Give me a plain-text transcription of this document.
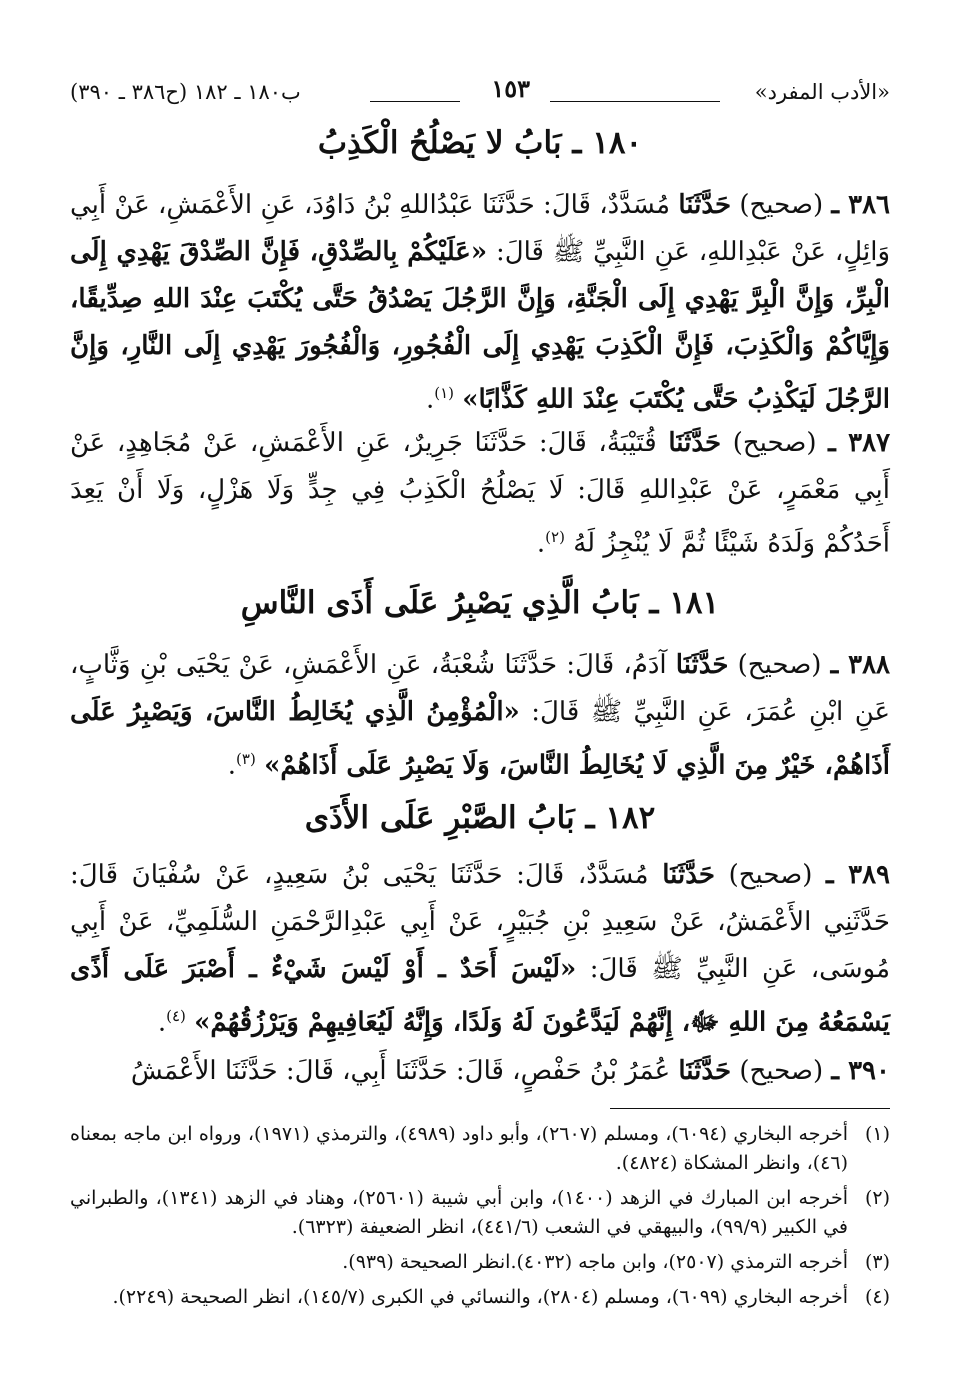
«الأدب المفرد»
١٥٣
ب١٨٠ ـ ١٨٢ (ح٣٨٦ ـ ٣٩٠)
١٨٠ ـ بَابُ لا يَصْلُحُ الْكَذِبُ
٣٨٦ ـ (صحيح) حَدَّثَنَا مُسَدَّدٌ، قَالَ: حَدَّثَنَا عَبْدُاللهِ بْنُ دَاوُدَ، عَنِ الأَعْمَشِ، عَنْ أَبِي وَائِلٍ، عَنْ عَبْدِاللهِ، عَنِ النَّبِيِّ ﷺ قَالَ: «عَلَيْكُمْ بِالصِّدْقِ، فَإِنَّ الصِّدْقَ يَهْدِي إِلَى الْبِرِّ، وَإِنَّ الْبِرَّ يَهْدِي إِلَى الْجَنَّةِ، وَإِنَّ الرَّجُلَ يَصْدُقُ حَتَّى يُكْتَبَ عِنْدَ اللهِ صِدِّيقًا، وَإِيَّاكُمْ وَالْكَذِبَ، فَإِنَّ الْكَذِبَ يَهْدِي إِلَى الْفُجُورِ، وَالْفُجُورَ يَهْدِي إِلَى النَّارِ، وَإِنَّ الرَّجُلَ لَيَكْذِبُ حَتَّى يُكْتَبَ عِنْدَ اللهِ كَذَّابًا» $^{(١)}$.
٣٨٧ ـ (صحيح) حَدَّثَنَا قُتَيْبَةُ، قَالَ: حَدَّثَنَا جَرِيرٌ، عَنِ الأَعْمَشِ، عَنْ مُجَاهِدٍ، عَنْ أَبِي مَعْمَرٍ، عَنْ عَبْدِاللهِ قَالَ: لَا يَصْلُحُ الْكَذِبُ فِي جِدٍّ وَلَا هَزْلٍ، وَلَا أَنْ يَعِدَ أَحَدُكُمْ وَلَدَهُ شَيْئًا ثُمَّ لَا يُنْجِزُ لَهُ $^{(٢)}$.
١٨١ ـ بَابُ الَّذِي يَصْبِرُ عَلَى أَذَى النَّاسِ
٣٨٨ ـ (صحيح) حَدَّثَنَا آدَمُ، قَالَ: حَدَّثَنَا شُعْبَةُ، عَنِ الأَعْمَشِ، عَنْ يَحْيَى بْنِ وَثَّابٍ، عَنِ ابْنِ عُمَرَ، عَنِ النَّبِيِّ ﷺ قَالَ: «الْمُؤْمِنُ الَّذِي يُخَالِطُ النَّاسَ، وَيَصْبِرُ عَلَى أَذَاهُمْ، خَيْرٌ مِنَ الَّذِي لَا يُخَالِطُ النَّاسَ، وَلَا يَصْبِرُ عَلَى أَذَاهُمْ» $^{(٣)}$.
١٨٢ ـ بَابُ الصَّبْرِ عَلَى الأَذَى
٣٨٩ ـ (صحيح) حَدَّثَنَا مُسَدَّدٌ، قَالَ: حَدَّثَنَا يَحْيَى بْنُ سَعِيدٍ، عَنْ سُفْيَانَ قَالَ: حَدَّثَنِي الأَعْمَشُ، عَنْ سَعِيدِ بْنِ جُبَيْرٍ، عَنْ أَبِي عَبْدِالرَّحْمَنِ السُّلَمِيِّ، عَنْ أَبِي مُوسَى، عَنِ النَّبِيِّ ﷺ قَالَ: «لَيْسَ أَحَدٌ ـ أَوْ لَيْسَ شَيْءٌ ـ أَصْبَرَ عَلَى أَذًى يَسْمَعُهُ مِنَ اللهِ ﷻ، إِنَّهُمْ لَيَدَّعُونَ لَهُ وَلَدًا، وَإِنَّهُ لَيُعَافِيهِمْ وَيَرْزُقُهُمْ» $^{(٤)}$.
٣٩٠ ـ (صحيح) حَدَّثَنَا عُمَرُ بْنُ حَفْصٍ، قَالَ: حَدَّثَنَا أَبِي، قَالَ: حَدَّثَنَا الأَعْمَشُ
(١)
أخرجه البخاري (٦٠٩٤)، ومسلم (٢٦٠٧)، وأبو داود (٤٩٨٩)، والترمذي (١٩٧١)، ورواه ابن ماجه بمعناه (٤٦)، وانظر المشكاة (٤٨٢٤).
(٢)
أخرجه ابن المبارك في الزهد (١٤٠٠)، وابن أبي شيبة (٢٥٦٠١)، وهناد في الزهد (١٣٤١)، والطبراني في الكبير (٩٩/٩)، والبيهقي في الشعب (٤٤١/٦)، انظر الضعيفة (٦٣٢٣).
(٣)
أخرجه الترمذي (٢٥٠٧)، وابن ماجه (٤٠٣٢).انظر الصحيحة (٩٣٩).
(٤)
أخرجه البخاري (٦٠٩٩)، ومسلم (٢٨٠٤)، والنسائي في الكبرى (١٤٥/٧)، انظر الصحيحة (٢٢٤٩).
